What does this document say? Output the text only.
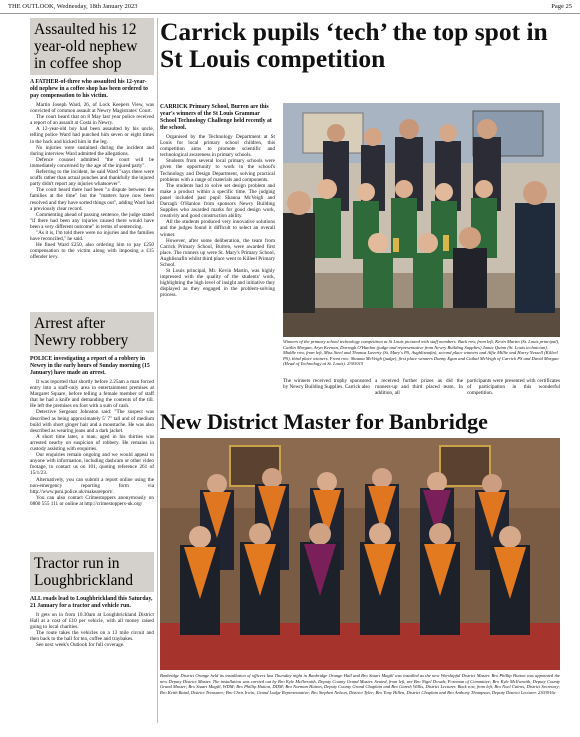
THE OUTLOOK, Wednesday, 18th January 2023	Page 25
Assaulted his 12 year-old nephew in coffee shop
A FATHER-of-three who assaulted his 12-year-old nephew in a coffee shop has been ordered to pay compensation to his victim.

Martin Joseph Ward, 26, of Lock Keepers View, was convicted of common assault at Newry Magistrates' Court.

The court heard that on 8 May last year police received a report of an assault at Costa in Newry.

A 12-year-old boy had been assaulted by his uncle, telling police Ward had punched him seven or eight times in the back and kicked him in the leg.

No injuries were sustained during the incident and during interview Ward admitted the allegations.

Defence counsel admitted "the court will be immediately concerned by the age of the injured party".

Referring to the incident, he said Ward "says there were scuffs rather than actual punches and thankfully the injured party didn't report any injuries whatsoever".

The court heard there had been "a dispute between the families at the time" but the "matters have now been resolved and they have sorted things out", adding Ward had a previously clear record.

Commenting ahead of passing sentence, the judge stated "if there had been any injuries caused there would have been a very different outcome" in terms of sentencing.

"As it is, I'm told there were no injuries and the families have reconciled," he said.

He fined Ward £250, also ordering him to pay £250 compensation to the victim along with imposing a £15 offender levy.

Arrest after Newry robbery
POLICE investigating a report of a robbery in Newry in the early hours of Sunday morning (15 January) have made an arrest.

It was reported that shortly before 2.25am a man forced entry into a staff-only area in entertainment premises at Margaret Square, before telling a female member of staff that he had a knife and demanding the contents of the till. He left the premises on foot with a sum of cash.

Detective Sergeant Johnston said: "The suspect was described as being approximately 5' 7" tall and of medium build with short ginger hair and a moustache. He was also described as wearing jeans and a dark jacket.

A short time later, a man, aged in his thirties was arrested nearby on suspicion of robbery. He remains in custody assisting with enquiries.

Our enquiries remain ongoing and we would appeal to anyone with information, including dashcam or other video footage, to contact us on 101, quoting reference 261 of 15/1/23.

Alternatively, you can submit a report online using the non-emergency reporting form via http://www.psni.police.uk/makeareport/.

You can also contact Crimestoppers anonymously on 0800 555 111 or online at http://crimestoppers-uk.org/

Tractor run in Loughbrickland
ALL roads lead to Loughbrickland this Saturday, 21 January for a tractor and vehicle run.

It gets on in from 10.30am at Loughbrickland District Hall at a cost of £10 per vehicle, with all money raised going to local charities.

The route takes the vehicles on a 13 mile circuit and then back to the hall for tea, coffee and traybakes.

See next week's Outlook for full coverage.

Carrick pupils ‘tech’ the top spot in St Louis competition
CARRICK Primary School, Burren are this year's winners of the St Louis Grammar School Technology Challenge held recently at the school.

Organised by the Technology Department at St Louis for local primary school children, this competition aims to promote scientific and technological awareness in primary schools.

Students from several local primary schools were given the opportunity to work in the school's Technology and Design Department, solving practical problems with a range of materials and components.

The students had to solve set design problem and make a product within a specific time. The judging panel included past pupil Shauna McVeigh and Darragh O'Hanlon from sponsors Newry Building Supplies who awarded marks for good design work, creativity and good construction ability.

All the students produced very innovative solutions and the judges found it difficult to select an overall winner.

However, after some deliberation, the team from Carrick Primary School, Burren, were awarded first place. The runners up were St. Mary's Primary School, Aughlisnafin whilst third place went to Killeel Primary School.

St Louis principal, Mr. Kevin Martin, was highly impressed with the quality of the students' work, highlighting the high level of insight and initiative they displayed as they engaged in the problem-solving process.

Winners of the primary school technology competition at St Louis pictured with staff members. Back row, from left, Kevin Martin (St. Louis principal), Caitlin Morgan, Aryn Keenan, Darragh O'Hanlon (judge and representative from Newry Building Supplies) Jamie Quinn (St. Louis technician). Middle row, from left, Miss Steel and Thomas Laverty (St. Mary's PS, Aughlisnafin), second place winners and Alfie Millie and Harry Nessell (Killeel PS), third place winners. Front row: Shauna McVeigh (judge), first place winners Danny Egan and Cathal McVeigh of Carrick PS and David Morgan (Head of Technology at St. Louis). 2303015
The winners received trophy sponsored by Newry Building Supplies. Carrick also
a received further prizes as did the runners-up and third placed team. In addition, all
participants were presented with certificates of participation in this wonderful competition.
New District Master for Banbridge
Banbridge District Orange held its installation of officers last Thursday night in Banbridge Orange Hall and Bro Stuart Magill was installed as the new Worshipful District Master. Bro Phillip Hutton was appointed the new Deputy District Master. The installation was carried out by Bro Kyle McIlwraith, Deputy County Grand Master. Seated, from left, are Bro Nigel Dowds, Foreman of Committee; Bro Kyle McIlwraith, Deputy County Grand Master; Bro Stuart Magill, WDM; Bro Phillip Hutton, DDM; Bro Norman Hutton, Deputy County Grand Chaplain and Bro Gareth Willis, District Lecturer. Back row, from left, Bro Noel Cairns, District Secretary; Bro Keith Baird, District Treasurer; Bro Chris Irwin, Grand Lodge Representative; Bro Stephen Nelson, District Tyler; Bro Tony Hillen, District Chaplain and Bro Anthony Thompson, Deputy District Lecturer. 2303916c
